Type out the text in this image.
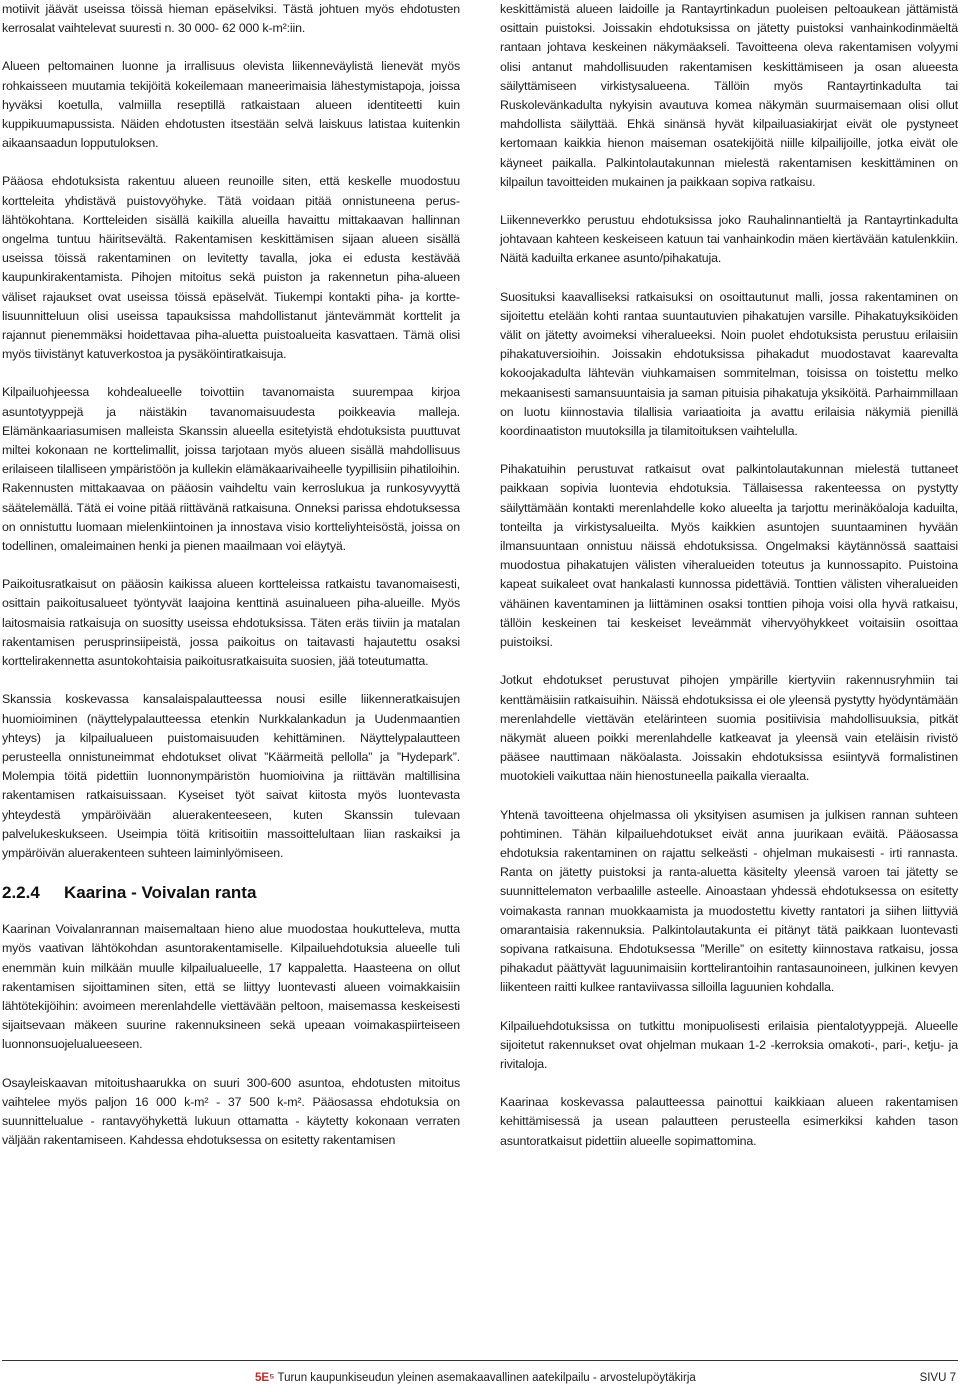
motiivit jäävät useissa töissä hieman epäselviksi. Tästä johtuen myös ehdotusten kerrosalat vaihtelevat suuresti n. 30 000- 62 000 k-m²:iin.

Alueen peltomainen luonne ja irrallisuus olevista liikenneväylistä lienevät myös rohkaisseen muutamia tekijöitä kokeilemaan maneerimaisia lähestymistapoja, joissa hyväksi koetulla, valmiilla reseptillä ratkaistaan alueen identiteetti kuin kuppikuumapussista. Näiden ehdotusten itsestään selvä laiskuus latistaa kuitenkin aikaansaadun lopputuloksen.

Pääosa ehdotuksista rakentuu alueen reunoille siten, että keskelle muodostuu kortteleita yhdistävä puistovyöhyke. Tätä voidaan pitää onnistuneena peruslähtökohtana. Kortteleiden sisällä kaikilla alueilla havaittu mittakaavan hallinnan ongelma tuntuu häiritsevältä. Rakentamisen keskittämisen sijaan alueen sisällä useissa töissä rakentaminen on levitetty tavalla, joka ei edusta kestävää kaupunkirakentamista. Pihojen mitoitus sekä puiston ja rakennetun piha-alueen väliset rajaukset ovat useissa töissä epäselvät. Tiukempi kontakti piha- ja korttelisuunnitteluun olisi useissa tapauksissa mahdollistanut jäntevämmät korttelit ja rajannut pienemmäksi hoidettavaa piha-aluetta puistoalueita kasvattaen. Tämä olisi myös tiivistänyt katuverkostoa ja pysäköintiratkaisuja.

Kilpailuohjeessa kohdealueelle toivottiin tavanomaista suurempaa kirjoa asuntotyyppejä ja näistäkin tavanomaisuudesta poikkeavia malleja. Elämänkaariasumisen malleista Skanssin alueella esitetyistä ehdotuksista puuttuvat miltei kokonaan ne korttelimallit, joissa tarjotaan myös alueen sisällä mahdollisuus erilaiseen tilalliseen ympäristöön ja kullekin elämäkaarivaiheelle tyypillisiin pihatiloihin. Rakennusten mittakaavaa on pääosin vaihdeltu vain kerroslukua ja runkosyvyyttä säätelemällä. Tätä ei voine pitää riittävänä ratkaisuna. Onneksi parissa ehdotuksessa on onnistuttu luomaan mielenkiintoinen ja innostava visio kortteliyhteisöstä, joissa on todellinen, omaleimainen henki ja pienen maailmaan voi eläytyä.

Paikoitusratkaisut on pääosin kaikissa alueen kortteleissa ratkaistu tavanomaisesti, osittain paikoitusalueet työntyvät laajoina kenttinä asuinalueen piha-alueille. Myös laitosmaisia ratkaisuja on suositty useissa ehdotuksissa. Täten eräs tiiviin ja matalan rakentamisen perusprinsiipeistä, jossa paikoitus on taitavasti hajautettu osaksi korttelirakennetta asuntokohtaisia paikoitusratkaisuita suosien, jää toteutumatta.

Skanssia koskevassa kansalaispalautteessa nousi esille liikenneratkaisujen huomioiminen (näyttelypalautteessa etenkin Nurkkalankadun ja Uudenmaantien yhteys) ja kilpailualueen puistomaisuuden kehittäminen. Näyttelypalautteen perusteella onnistuneimmat ehdotukset olivat ”Käärmeitä pellolla” ja ”Hydepark”. Molempia töitä pidettiin luonnonympäristön huomioivina ja riittävän maltillisina rakentamisen ratkaisuissaan. Kyseiset työt saivat kiitosta myös luontevasta yhteydestä ympäröivään aluerakenteeseen, kuten Skanssin tulevaan palvelukeskukseen. Useimpia töitä kritisoitiin massoittelultaan liian raskaiksi ja ympäröivän aluerakenteen suhteen laiminlyömiseen.

2.2.4 Kaarina - Voivalan ranta

Kaarinan Voivalanrannan maisemaltaan hieno alue muodostaa houkutteleva, mutta myös vaativan lähtökohdan asuntorakentamiselle. Kilpailuehdotuksia alueelle tuli enemmän kuin milkään muulle kilpailualueelle, 17 kappaletta. Haasteena on ollut rakentamisen sijoittaminen siten, että se liittyy luontevasti alueen voimakkaisiin lähtötekijöihin: avoimeen merenlahdelle viettävään peltoon, maisemassa keskeisesti sijaitsevaan mäkeen suurine rakennuksineen sekä upeaan voimakaspiirteiseen luonnonsuojelualueeseen.

Osayleiskaavan mitoitushaarukka on suuri 300-600 asuntoa, ehdotusten mitoitus vaihtelee myös paljon 16 000 k-m² - 37 500 k-m². Pääosassa ehdotuksia on suunnittelualue - rantavyöhykettä lukuun ottamatta - käytetty kokonaan verraten väljään rakentamiseen. Kahdessa ehdotuksessa on esitetty rakentamisen

keskittämistä alueen laidoille ja Rantayrtinkadun puoleisen peltoaukean jättämistä osittain puistoksi. Joissakin ehdotuksissa on jätetty puistoksi vanhainkodinmäeltä rantaan johtava keskeinen näkymäakseli. Tavoitteena oleva rakentamisen volyymi olisi antanut mahdollisuuden rakentamisen keskittämiseen ja osan alueesta säilyttämiseen virkistysalueena. Tällöin myös Rantayrtinkadulta tai Ruskolevänkadulta nykyisin avautuva komea näkymän suurmaisemaan olisi ollut mahdollista säilyttää. Ehkä sinänsä hyvät kilpailuasiakirjat eivät ole pystyneet kertomaan kaikkia hienon maiseman osatekijöitä niille kilpailijoille, jotka eivät ole käyneet paikalla. Palkintolautakunnan mielestä rakentamisen keskittäminen on kilpailun tavoitteiden mukainen ja paikkaan sopiva ratkaisu.

Liikenneverkko perustuu ehdotuksissa joko Rauhalinnantieltä ja Rantayrtinkadulta johtavaan kahteen keskeiseen katuun tai vanhainkodin mäen kiertävään katulenkkiin. Näitä kaduilta erkanee asunto/pihakatuja.

Suosituksi kaavalliseksi ratkaisuksi on osoittautunut malli, jossa rakentaminen on sijoitettu etelään kohti rantaa suuntautuvien pihakatujen varsille. Pihakatuyksiköiden välit on jätetty avoimeksi viheralueeksi. Noin puolet ehdotuksista perustuu erilaisiin pihakatuversioihin. Joissakin ehdotuksissa pihakadut muodostavat kaarevalta kokoojakadulta lähtevän viuhkamaisen sommitelman, toisissa on toistettu melko mekaanisesti samansuuntaisia ja saman pituisia pihakatuja yksiköitä. Parhaimmillaan on luotu kiinnostavia tilallisia variaatioita ja avattu erilaisia näkymiä pienillä koordinaatiston muutoksilla ja tilamitoituksen vaihtelulla.

Pihakatuihin perustuvat ratkaisut ovat palkintolautakunnan mielestä tuttaneet paikkaan sopivia luontevia ehdotuksia. Tällaisessa rakenteessa on pystytty säilyttämään kontakti merenlahdelle koko alueelta ja tarjottu merinäköaloja kaduilta, tonteilta ja virkistysalueilta. Myös kaikkien asuntojen suuntaaminen hyvään ilmansuuntaan onnistuu näissä ehdotuksissa. Ongelmaksi käytännössä saattaisi muodostua pihakatujen välisten viheralueiden toteutus ja kunnossapito. Puistoina kapeat suikaleet ovat hankalasti kunnossa pidettäviä. Tonttien välisten viheralueiden vähäinen kaventaminen ja liittäminen osaksi tonttien pihoja voisi olla hyvä ratkaisu, tällöin keskeinen tai keskeiset leveämmät vihervyöhykkeet voitaisiin osoittaa puistoiksi.

Jotkut ehdotukset perustuvat pihojen ympärille kiertyviin rakennusryhmiin tai kenttämäisiin ratkaisuihin. Näissä ehdotuksissa ei ole yleensä pystytty hyödyntämään merenlahdelle viettävän etelärinteen suomia positiivisia mahdollisuuksia, pitkät näkymät alueen poikki merenlahdelle katkeavat ja yleensä vain eteläisin rivistö pääsee nauttimaan näköalasta. Joissakin ehdotuksissa esiintyvä formalistinen muotokieli vaikuttaa näin hienostuneella paikalla vieraalta.

Yhtenä tavoitteena ohjelmassa oli yksityisen asumisen ja julkisen rannan suhteen pohtiminen. Tähän kilpailuehdotukset eivät anna juurikaan eväitä. Pääosassa ehdotuksia rakentaminen on rajattu selkeästi - ohjelman mukaisesti - irti rannasta. Ranta on jätetty puistoksi ja ranta-aluetta käsitelty yleensä varoen tai jätetty se suunnittelematon verbaalille asteelle. Ainoastaan yhdessä ehdotuksessa on esitetty voimakasta rannan muokkaamista ja muodostettu kivetty rantatori ja siihen liittyviä omarantaisia rakennuksia. Palkintolautakunta ei pitänyt tätä paikkaan luontevasti sopivana ratkaisuna. Ehdotuksessa ”Merille” on esitetty kiinnostava ratkaisu, jossa pihakadut päättyvät laguunimaisiin korttelirantoihin rantasaunoineen, julkinen kevyen liikenteen raitti kulkee rantaviivassa silloilla laguunien kohdalla.

Kilpailuehdotuksissa on tutkittu monipuolisesti erilaisia pientalotyyppejä. Alueelle sijoitetut rakennukset ovat ohjelman mukaan 1-2 -kerroksia omakoti-, pari-, ketju- ja rivitaloja.

Kaarinaa koskevassa palautteessa painottui kaikkiaan alueen rakentamisen kehittämisessä ja usean palautteen perusteella esimerkiksi kahden tason asuntoratkaisut pidettiin alueelle sopimattomina.

5E⁵ Turun kaupunkiseudun yleinen asemakaavallinen aatekilpailu - arvostelupöytäkirja	SIVU 7
